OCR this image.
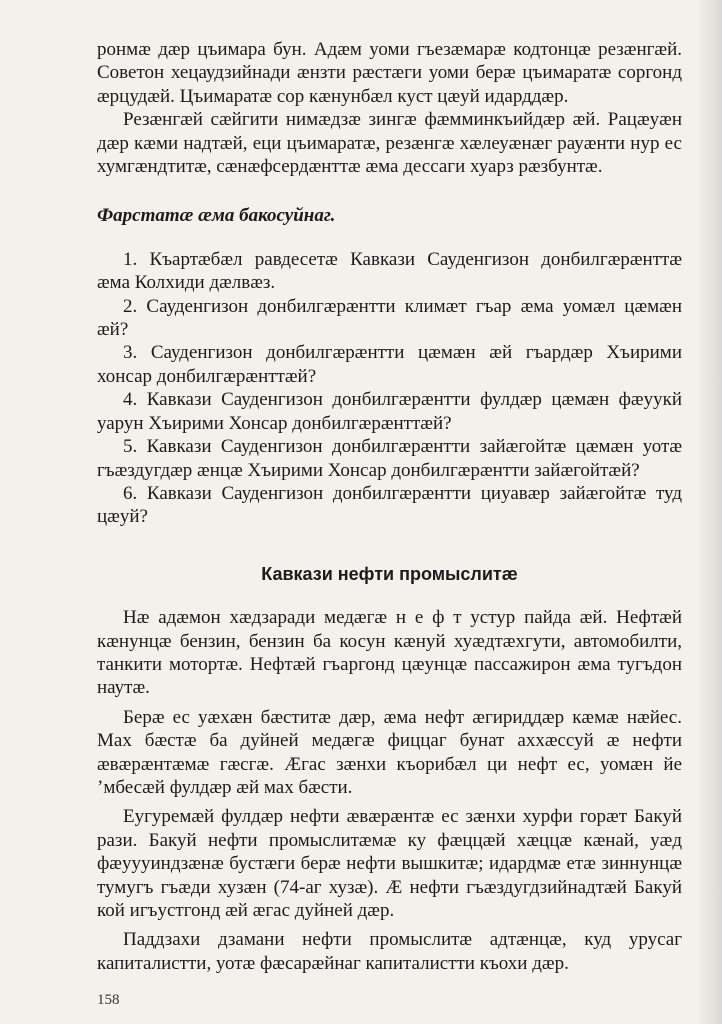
ронмæ дæр цъимара бун. Адæм уоми гъезæмарæ кодтонцæ резæнгæй. Советон хецаудзийнади æнзти рæстæги уоми берæ цъимаратæ соргонд æрцудæй. Цъимаратæ сор кæнунбæл куст цæуй идарддæр.

Резæнгæй сæйгити нимæдзæ зингæ фæмминкъийдæр æй. Рацæуæн дæр кæми надтæй, еци цъимаратæ, резæнгæ хæлеуæнæг рауæнти нур ес хумгæндтитæ, сæнæфсердæнттæ æма дессаги хуарз рæзбунтæ.

Фарстатæ æма бакосуйнаг.

1. Къартæбæл равдесетæ Кавкази Сауденгизон донбилгæрæнттæ æма Колхиди дæлвæз.

2. Сауденгизон донбилгæрæнтти климæт гъар æма уомæл цæмæн æй?

3. Сауденгизон донбилгæрæнтти цæмæн æй гъардæр Хъирими хонсар донбилгæрæнттæй?

4. Кавкази Сауденгизон донбилгæрæнтти фулдæр цæмæн фæуукй уарун Хъирими Хонсар донбилгæрæнттæй?

5. Кавкази Сауденгизон донбилгæрæнтти зайæгойтæ цæмæн уотæ гъæздугдæр æнцæ Хъирими Хонсар донбилгæрæнтти зайæгойтæй?

6. Кавкази Сауденгизон донбилгæрæнтти циуавæр зайæгойтæ туд цæуй?

Кавкази нефти промыслитæ

Нæ адæмон хæдзаради медæгæ н е ф т устур пайда æй. Нефтæй кæнунцæ бензин, бензин ба косун кæнуй хуæдтæхгути, автомобилти, танкити мотортæ. Нефтæй гъаргонд цæунцæ пассажирон æма тугъдон наутæ.

Берæ ес уæхæн бæститæ дæр, æма нефт æгириддæр кæмæ нæйес. Мах бæстæ ба дуйней медæгæ фиццаг бунат аххæссуй æ нефти æвæрæнтæмæ гæсгæ. Æгас зæнхи къорибæл ци нефт ес, уомæн йе ’мбесæй фулдæр æй мах бæсти.

Еугуремæй фулдæр нефти æвæрæнтæ ес зæнхи хурфи горæт Бакуй рази. Бакуй нефти промыслитæмæ ку фæццæй хæццæ кæнай, уæд фæуууиндзæнæ бустæги берæ нефти вышкитæ; идардмæ етæ зиннунцæ тумугъ гъæди хузæн (74-аг хузæ). Æ нефти гъæздугдзийнадтæй Бакуй кой игъустгонд æй æгас дуйней дæр.

Паддзахи дзамани нефти промыслитæ адтæнцæ, куд урусаг капиталистти, уотæ фæсарæйнаг капиталистти къохи дæр.

158
